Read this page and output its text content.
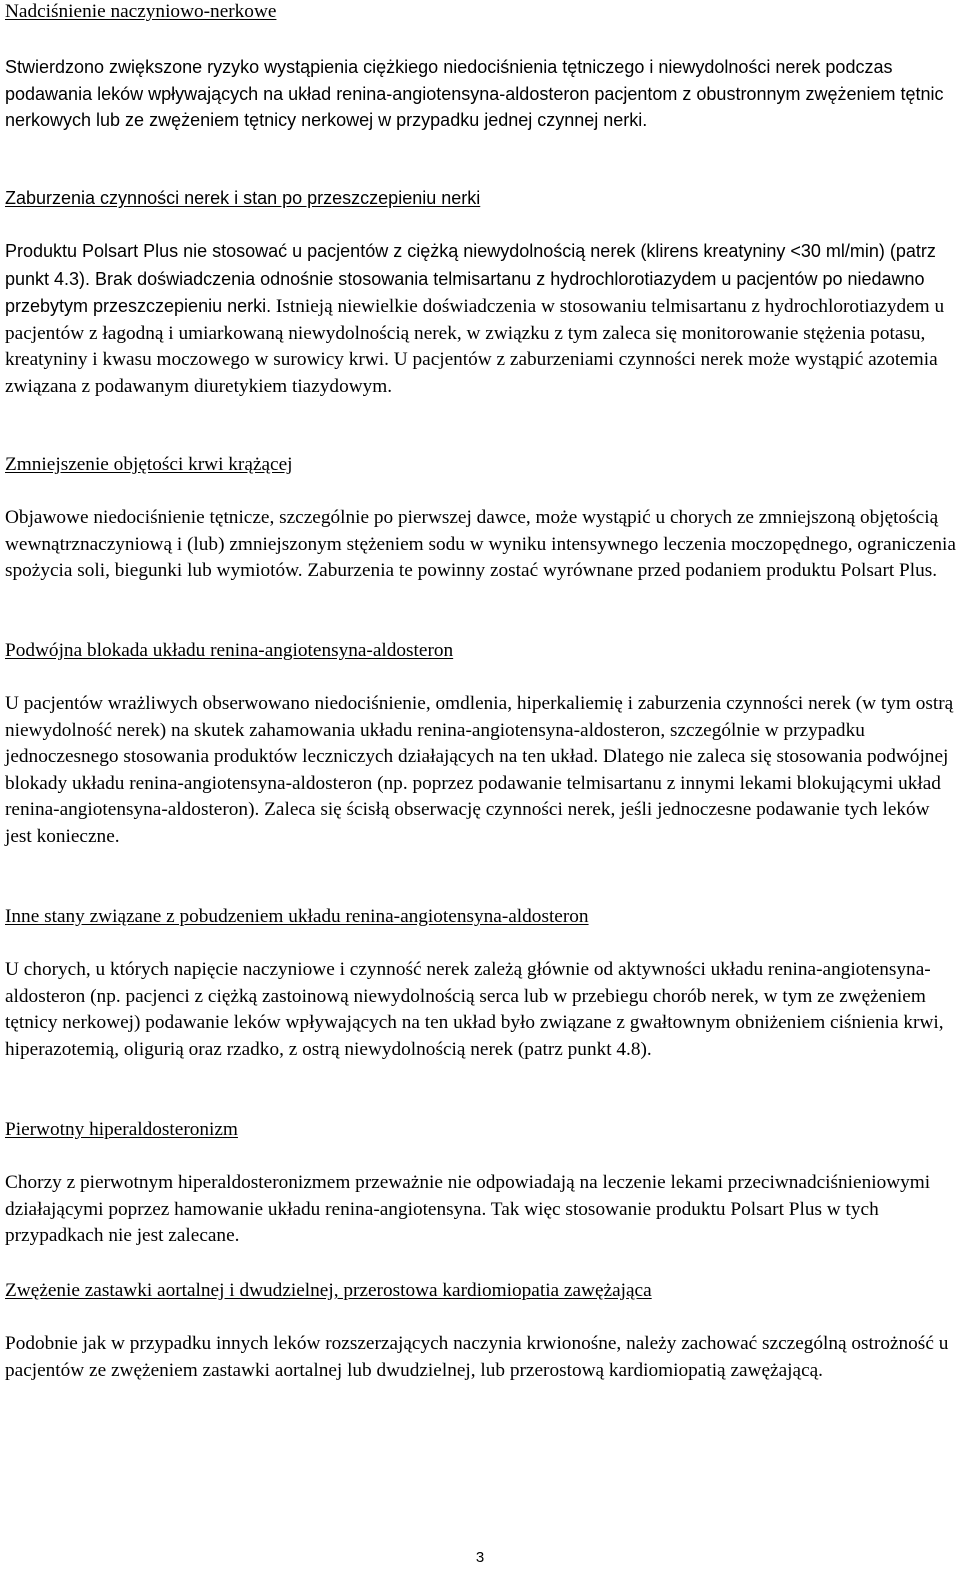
Nadciśnienie naczyniowo-nerkowe

Stwierdzono zwiększone ryzyko wystąpienia ciężkiego niedociśnienia tętniczego i niewydolności nerek podczas podawania leków wpływających na układ renina-angiotensyna-aldosteron pacjentom z obustronnym zwężeniem tętnic nerkowych lub ze zwężeniem tętnicy nerkowej w przypadku jednej czynnej nerki.

Zaburzenia czynności nerek i stan po przeszczepieniu nerki

Produktu Polsart Plus nie stosować u pacjentów z ciężką niewydolnością nerek (klirens kreatyniny <30 ml/min) (patrz punkt 4.3). Brak doświadczenia odnośnie stosowania telmisartanu z hydrochlorotiazydem u pacjentów po niedawno przebytym przeszczepieniu nerki. Istnieją niewielkie doświadczenia w stosowaniu telmisartanu z hydrochlorotiazydem u pacjentów z łagodną i umiarkowaną niewydolnością nerek, w związku z tym zaleca się monitorowanie stężenia potasu, kreatyniny i kwasu moczowego w surowicy krwi. U pacjentów z zaburzeniami czynności nerek może wystąpić azotemia związana z podawanym diuretykiem tiazydowym.

Zmniejszenie objętości krwi krążącej

Objawowe niedociśnienie tętnicze, szczególnie po pierwszej dawce, może wystąpić u chorych ze zmniejszoną objętością wewnątrznaczyniową i (lub) zmniejszonym stężeniem sodu w wyniku intensywnego leczenia moczopędnego, ograniczenia spożycia soli, biegunki lub wymiotów. Zaburzenia te powinny zostać wyrównane przed podaniem produktu Polsart Plus.

Podwójna blokada układu renina-angiotensyna-aldosteron

U pacjentów wrażliwych obserwowano niedociśnienie, omdlenia, hiperkaliemię i zaburzenia czynności nerek (w tym ostrą niewydolność nerek) na skutek zahamowania układu renina-angiotensyna-aldosteron, szczególnie w przypadku jednoczesnego stosowania produktów leczniczych działających na ten układ. Dlatego nie zaleca się stosowania podwójnej blokady układu renina-angiotensyna-aldosteron (np. poprzez podawanie telmisartanu z innymi lekami blokującymi układ renina-angiotensyna-aldosteron). Zaleca się ścisłą obserwację czynności nerek, jeśli jednoczesne podawanie tych leków jest konieczne.

Inne stany związane z pobudzeniem układu renina-angiotensyna-aldosteron

U chorych, u których napięcie naczyniowe i czynność nerek zależą głównie od aktywności układu renina-angiotensyna-aldosteron (np. pacjenci z ciężką zastoinową niewydolnością serca lub w przebiegu chorób nerek, w tym ze zwężeniem tętnicy nerkowej) podawanie leków wpływających na ten układ było związane z gwałtownym obniżeniem ciśnienia krwi, hiperazotemią, oligurią oraz rzadko, z ostrą niewydolnością nerek (patrz punkt 4.8).

Pierwotny hiperaldosteronizm

Chorzy z pierwotnym hiperaldosteronizmem przeważnie nie odpowiadają na leczenie lekami przeciwnadciśnieniowymi działającymi poprzez hamowanie układu renina-angiotensyna. Tak więc stosowanie produktu Polsart Plus w tych przypadkach nie jest zalecane.

Zwężenie zastawki aortalnej i dwudzielnej, przerostowa kardiomiopatia zawężająca

Podobnie jak w przypadku innych leków rozszerzających naczynia krwionośne, należy zachować szczególną ostrożność u pacjentów ze zwężeniem zastawki aortalnej lub dwudzielnej, lub przerostową kardiomiopatią zawężającą.

3
